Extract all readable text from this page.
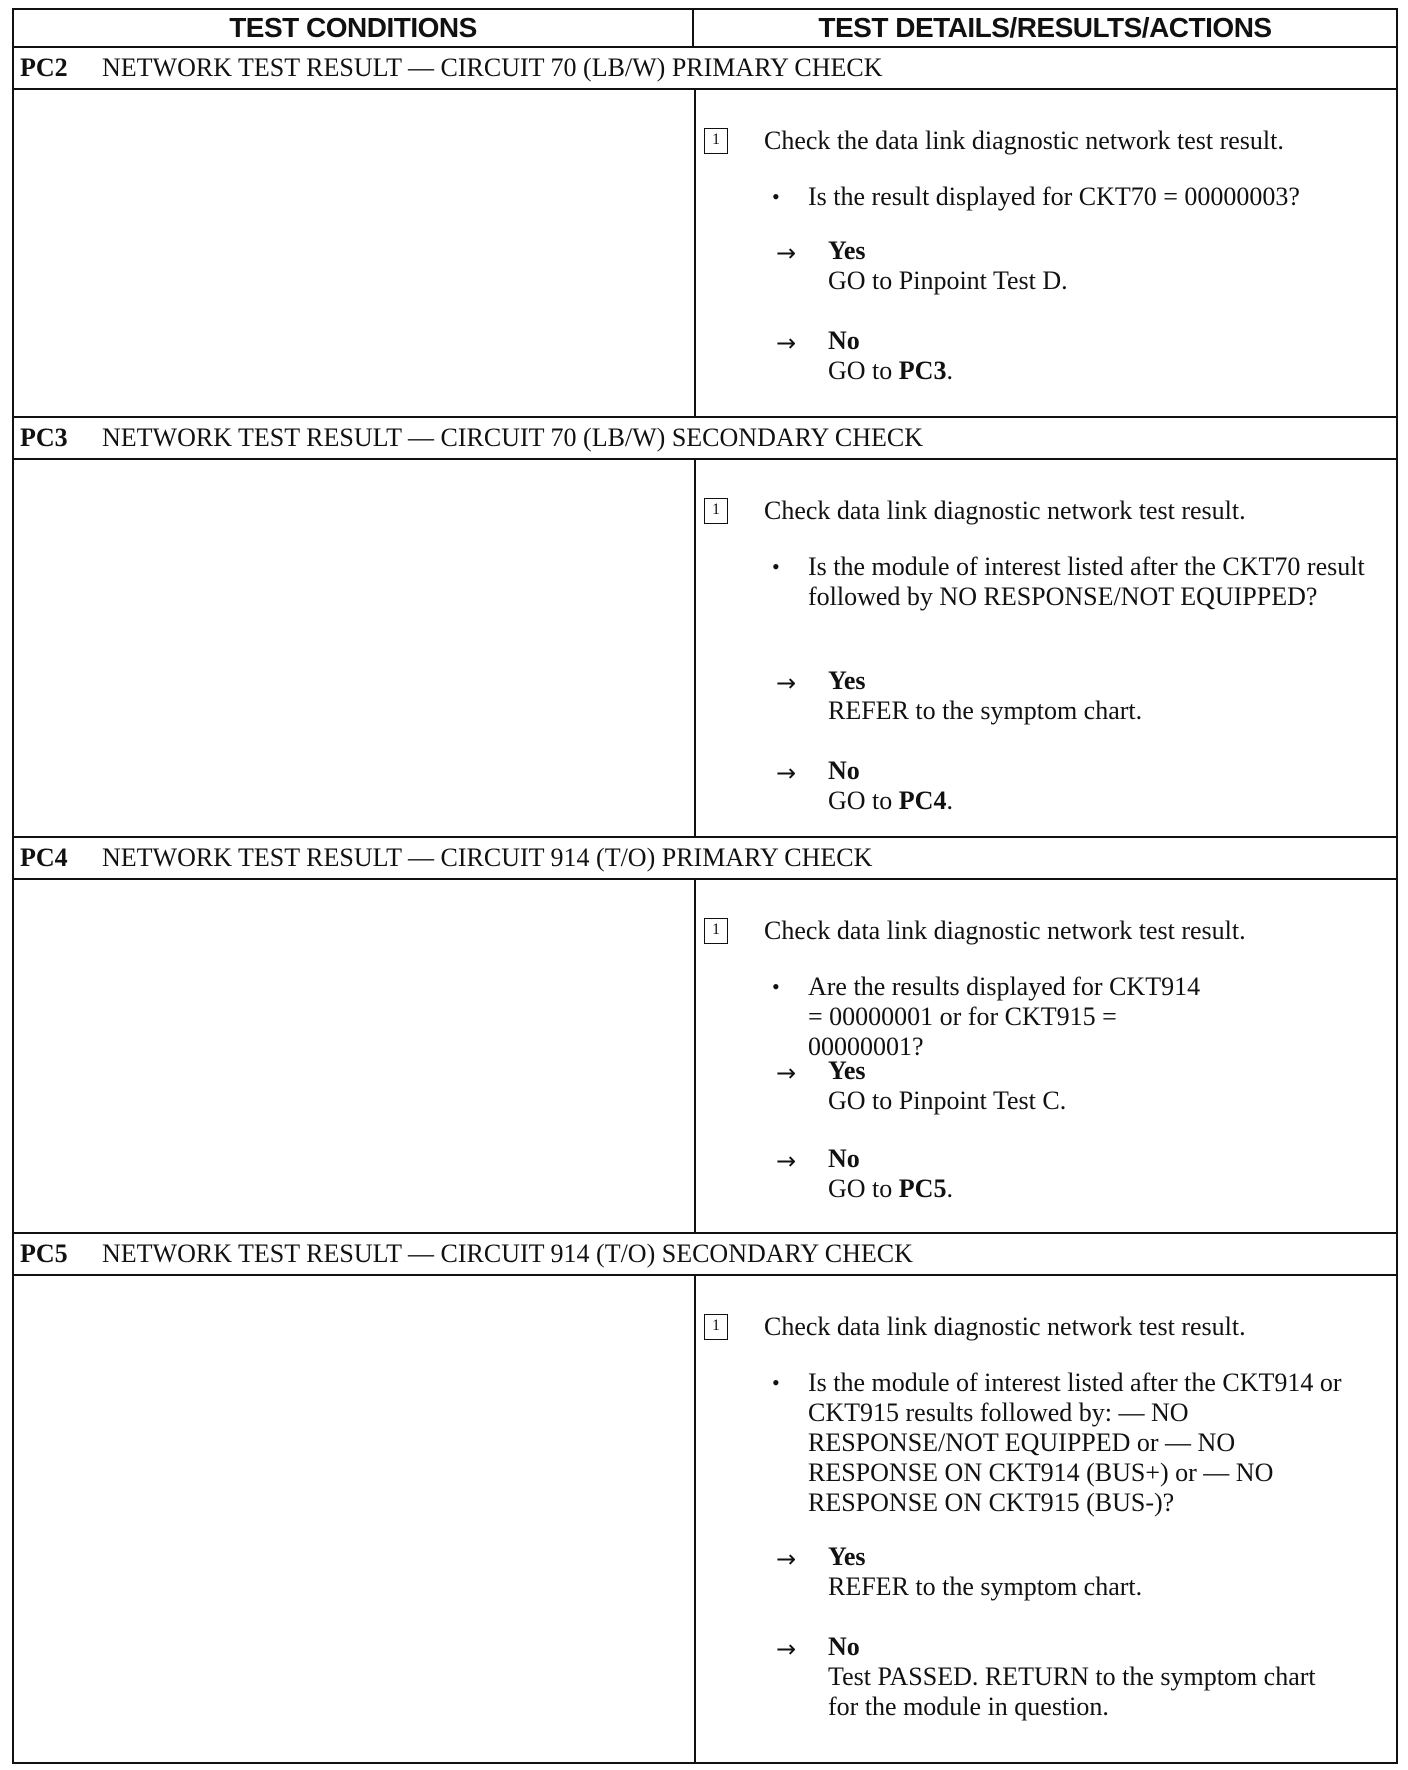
TEST CONDITIONS	TEST DETAILS/RESULTS/ACTIONS
PC2	NETWORK TEST RESULT — CIRCUIT 70 (LB/W) PRIMARY CHECK
1	Check the data link diagnostic network test result.
• Is the result displayed for CKT70 = 00000003?
→ Yes
GO to Pinpoint Test D.
→ No
GO to PC3.
PC3	NETWORK TEST RESULT — CIRCUIT 70 (LB/W) SECONDARY CHECK
1	Check data link diagnostic network test result.
• Is the module of interest listed after the CKT70 result followed by NO RESPONSE/NOT EQUIPPED?
→ Yes
REFER to the symptom chart.
→ No
GO to PC4.
PC4	NETWORK TEST RESULT — CIRCUIT 914 (T/O) PRIMARY CHECK
1	Check data link diagnostic network test result.
• Are the results displayed for CKT914 = 00000001 or for CKT915 = 00000001?
→ Yes
GO to Pinpoint Test C.
→ No
GO to PC5.
PC5	NETWORK TEST RESULT — CIRCUIT 914 (T/O) SECONDARY CHECK
1	Check data link diagnostic network test result.
• Is the module of interest listed after the CKT914 or CKT915 results followed by: — NO RESPONSE/NOT EQUIPPED or — NO RESPONSE ON CKT914 (BUS+) or — NO RESPONSE ON CKT915 (BUS-)?
→ Yes
REFER to the symptom chart.
→ No
Test PASSED. RETURN to the symptom chart for the module in question.
